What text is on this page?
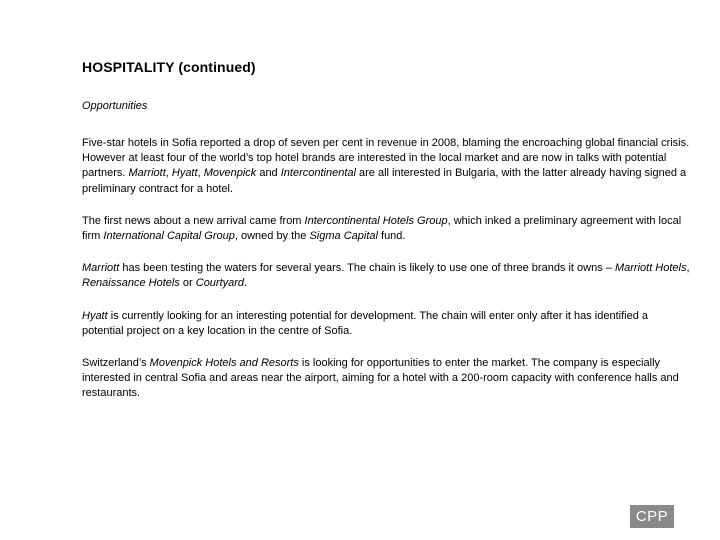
HOSPITALITY (continued)
Opportunities

Five-star hotels in Sofia reported a drop of seven per cent in revenue in 2008, blaming the encroaching global financial crisis. However at least four of the world’s top hotel brands are interested in the local market and are now in talks with potential partners. Marriott, Hyatt, Movenpick and Intercontinental are all interested in Bulgaria, with the latter already having signed a preliminary contract for a hotel.

The first news about a new arrival came from Intercontinental Hotels Group, which inked a preliminary agreement with local firm International Capital Group, owned by the Sigma Capital fund.

Marriott has been testing the waters for several years. The chain is likely to use one of three brands it owns – Marriott Hotels, Renaissance Hotels or Courtyard.

Hyatt is currently looking for an interesting potential for development. The chain will enter only after it has identified a potential project on a key location in the centre of Sofia.

Switzerland’s Movenpick Hotels and Resorts is looking for opportunities to enter the market. The company is especially interested in central Sofia and areas near the airport, aiming for a hotel with a 200-room capacity with conference halls and restaurants.

CPP
